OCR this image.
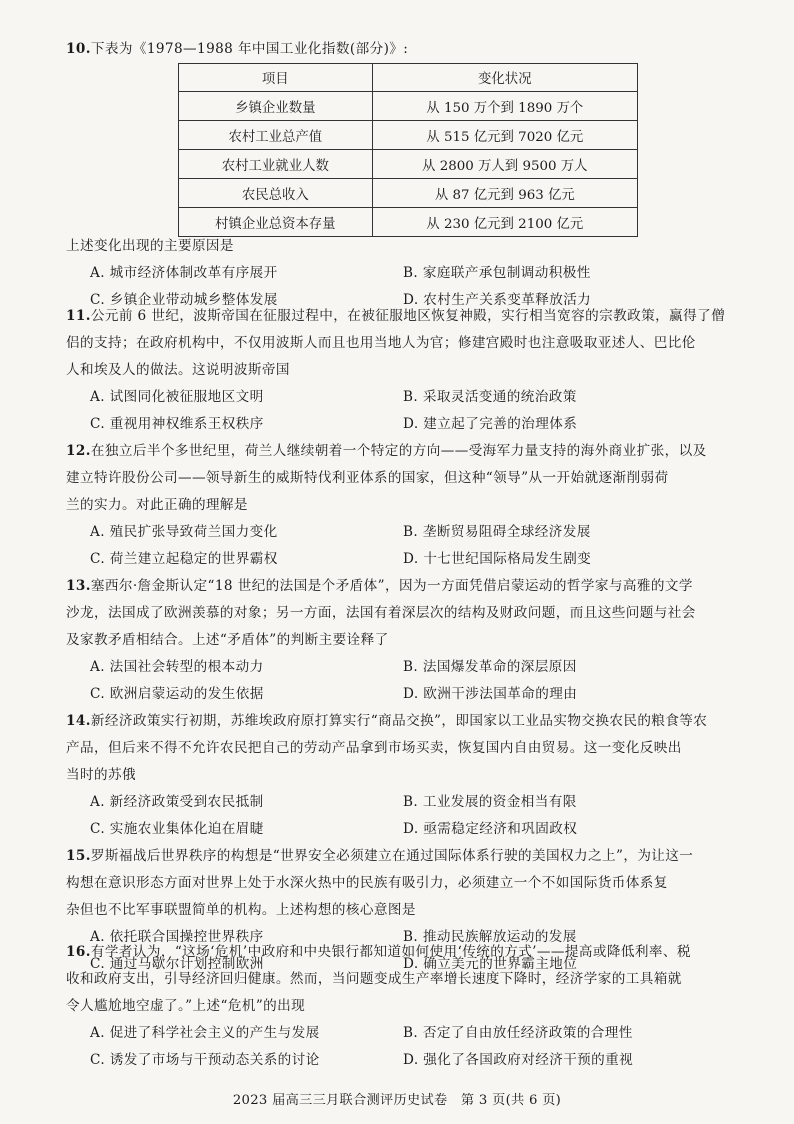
10.下表为《1978—1988 年中国工业化指数(部分)》:
项目	变化状况
乡镇企业数量	从 150 万个到 1890 万个
农村工业总产值	从 515 亿元到 7020 亿元
农村工业就业人数	从 2800 万人到 9500 万人
农民总收入	从 87 亿元到 963 亿元
村镇企业总资本存量	从 230 亿元到 2100 亿元
上述变化出现的主要原因是
A. 城市经济体制改革有序展开	B. 家庭联产承包制调动积极性
C. 乡镇企业带动城乡整体发展	D. 农村生产关系变革释放活力
11.公元前 6 世纪，波斯帝国在征服过程中，在被征服地区恢复神殿，实行相当宽容的宗教政策，赢得了僧
侣的支持；在政府机构中，不仅用波斯人而且也用当地人为官；修建宫殿时也注意吸取亚述人、巴比伦
人和埃及人的做法。这说明波斯帝国
A. 试图同化被征服地区文明	B. 采取灵活变通的统治政策
C. 重视用神权维系王权秩序	D. 建立起了完善的治理体系
12.在独立后半个多世纪里，荷兰人继续朝着一个特定的方向——受海军力量支持的海外商业扩张，以及
建立特许股份公司——领导新生的威斯特伐利亚体系的国家，但这种“领导”从一开始就逐渐削弱荷
兰的实力。对此正确的理解是
A. 殖民扩张导致荷兰国力变化	B. 垄断贸易阻碍全球经济发展
C. 荷兰建立起稳定的世界霸权	D. 十七世纪国际格局发生剧变
13.塞西尔·詹金斯认定“18 世纪的法国是个矛盾体”，因为一方面凭借启蒙运动的哲学家与高雅的文学
沙龙，法国成了欧洲羡慕的对象；另一方面，法国有着深层次的结构及财政问题，而且这些问题与社会
及家教矛盾相结合。上述“矛盾体”的判断主要诠释了
A. 法国社会转型的根本动力	B. 法国爆发革命的深层原因
C. 欧洲启蒙运动的发生依据	D. 欧洲干涉法国革命的理由
14.新经济政策实行初期，苏维埃政府原打算实行“商品交换”，即国家以工业品实物交换农民的粮食等农
产品，但后来不得不允许农民把自己的劳动产品拿到市场买卖，恢复国内自由贸易。这一变化反映出
当时的苏俄
A. 新经济政策受到农民抵制	B. 工业发展的资金相当有限
C. 实施农业集体化迫在眉睫	D. 亟需稳定经济和巩固政权
15.罗斯福战后世界秩序的构想是“世界安全必须建立在通过国际体系行驶的美国权力之上”，为让这一
构想在意识形态方面对世界上处于水深火热中的民族有吸引力，必须建立一个不如国际货币体系复
杂但也不比军事联盟简单的机构。上述构想的核心意图是
A. 依托联合国操控世界秩序	B. 推动民族解放运动的发展
C. 通过马歇尔计划控制欧洲	D. 确立美元的世界霸主地位
16.有学者认为，“这场‘危机’中政府和中央银行都知道如何使用‘传统的方式’——提高或降低利率、税
收和政府支出，引导经济回归健康。然而，当问题变成生产率增长速度下降时，经济学家的工具箱就
令人尴尬地空虚了。”上述“危机”的出现
A. 促进了科学社会主义的产生与发展	B. 否定了自由放任经济政策的合理性
C. 诱发了市场与干预动态关系的讨论	D. 强化了各国政府对经济干预的重视
2023 届高三三月联合测评历史试卷　第 3 页(共 6 页)
